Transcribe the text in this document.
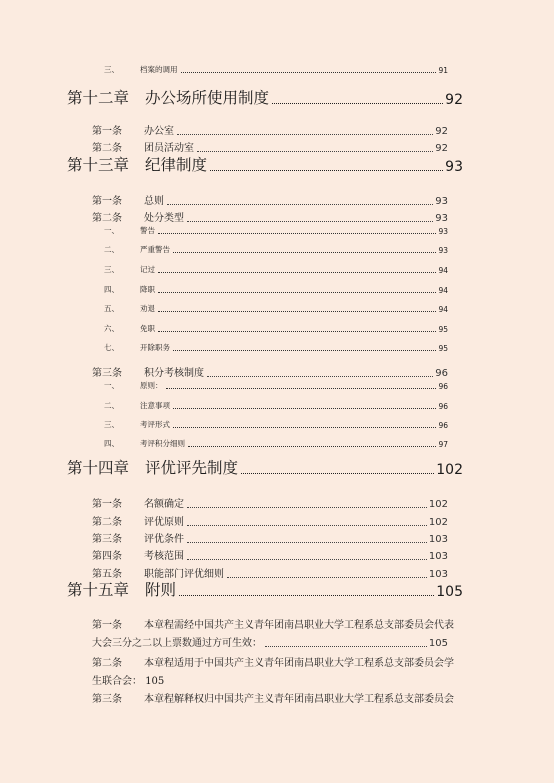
三、	档案的调用	91
第十二章	办公场所使用制度	92
第一条	办公室	92
第二条	团员活动室	92
第十三章	纪律制度	93
第一条	总则	93
第二条	处分类型	93
一、	警告	93
二、	严重警告	93
三、	记过	94
四、	降职	94
五、	劝退	94
六、	免职	95
七、	开除职务	95
第三条	积分考核制度	96
一、	原则：	96
二、	注意事项	96
三、	考评形式	96
四、	考评积分细则	97
第十四章	评优评先制度	102
第一条	名额确定	102
第二条	评优原则	102
第三条	评优条件	103
第四条	考核范围	103
第五条	职能部门评优细则	103
第十五章	附则	105
第一条 本章程需经中国共产主义青年团南昌职业大学工程系总支部委员会代表
大会三分之二以上票数通过方可生效：	105
第二条 本章程适用于中国共产主义青年团南昌职业大学工程系总支部委员会学
生联合会： 105
第三条 本章程解释权归中国共产主义青年团南昌职业大学工程系总支部委员会
